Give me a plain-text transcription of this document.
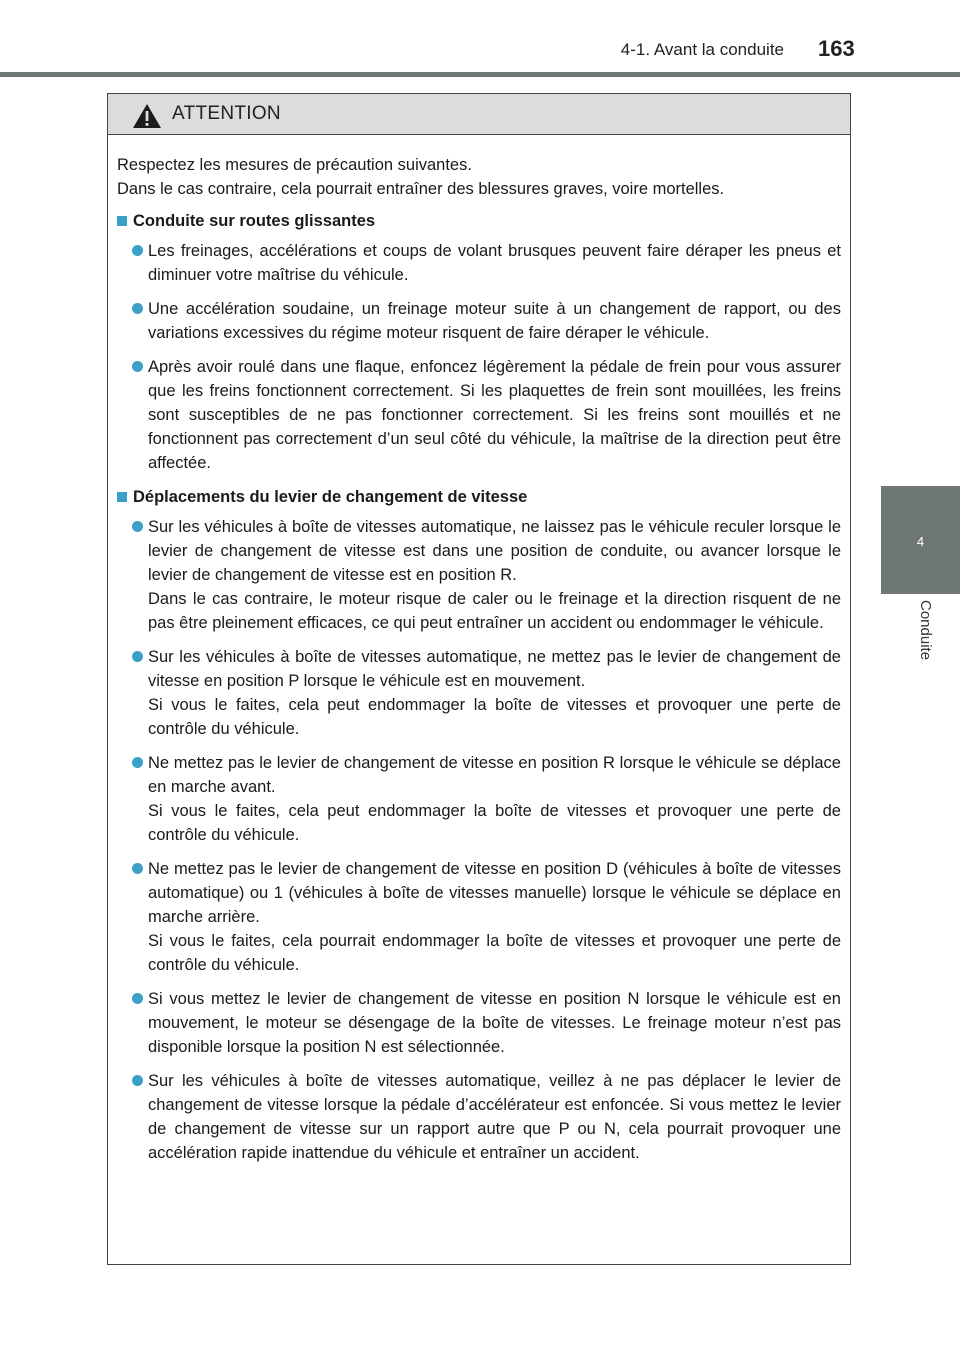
4-1. Avant la conduite 163
4
Conduite
ATTENTION
Respectez les mesures de précaution suivantes.
Dans le cas contraire, cela pourrait entraîner des blessures graves, voire mortelles.
Conduite sur routes glissantes

Les freinages, accélérations et coups de volant brusques peuvent faire déraper les pneus et diminuer votre maîtrise du véhicule.

Une accélération soudaine, un freinage moteur suite à un changement de rapport, ou des variations excessives du régime moteur risquent de faire déraper le véhicule.

Après avoir roulé dans une flaque, enfoncez légèrement la pédale de frein pour vous assurer que les freins fonctionnent correctement. Si les plaquettes de frein sont mouillées, les freins sont susceptibles de ne pas fonctionner correctement. Si les freins sont mouillés et ne fonctionnent pas correctement d’un seul côté du véhicule, la maîtrise de la direction peut être affectée.

Déplacements du levier de changement de vitesse

Sur les véhicules à boîte de vitesses automatique, ne laissez pas le véhicule reculer lorsque le levier de changement de vitesse est dans une position de conduite, ou avancer lorsque le levier de changement de vitesse est en position R.

Dans le cas contraire, le moteur risque de caler ou le freinage et la direction risquent de ne pas être pleinement efficaces, ce qui peut entraîner un accident ou endommager le véhicule.

Sur les véhicules à boîte de vitesses automatique, ne mettez pas le levier de changement de vitesse en position P lorsque le véhicule est en mouvement.

Si vous le faites, cela peut endommager la boîte de vitesses et provoquer une perte de contrôle du véhicule.

Ne mettez pas le levier de changement de vitesse en position R lorsque le véhicule se déplace en marche avant.

Si vous le faites, cela peut endommager la boîte de vitesses et provoquer une perte de contrôle du véhicule.

Ne mettez pas le levier de changement de vitesse en position D (véhicules à boîte de vitesses automatique) ou 1 (véhicules à boîte de vitesses manuelle) lorsque le véhicule se déplace en marche arrière.

Si vous le faites, cela pourrait endommager la boîte de vitesses et provoquer une perte de contrôle du véhicule.

Si vous mettez le levier de changement de vitesse en position N lorsque le véhicule est en mouvement, le moteur se désengage de la boîte de vitesses. Le freinage moteur n’est pas disponible lorsque la position N est sélectionnée.

Sur les véhicules à boîte de vitesses automatique, veillez à ne pas déplacer le levier de changement de vitesse lorsque la pédale d’accélérateur est enfoncée. Si vous mettez le levier de changement de vitesse sur un rapport autre que P ou N, cela pourrait provoquer une accélération rapide inattendue du véhicule et entraîner un accident.
